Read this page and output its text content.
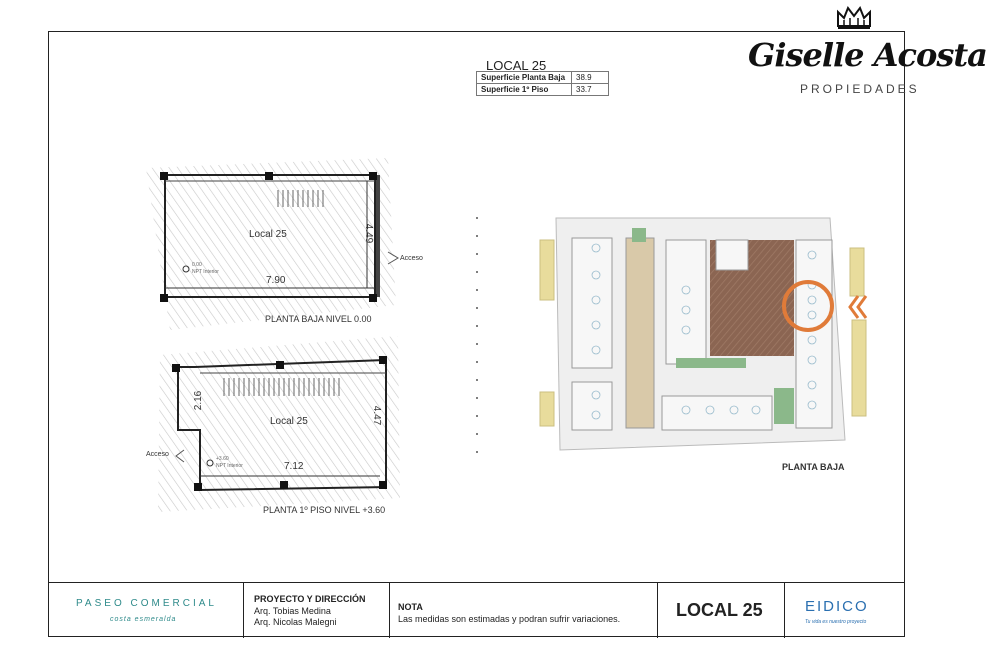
Giselle Acosta
PROPIEDADES
LOCAL 25
Superficie Planta Baja	38.9
Superficie 1º Piso	33.7
Local 25
7.90
4.49
Acceso
0.00
NPT Interior
PLANTA BAJA NIVEL 0.00
Local 25
7.12
4.47
2.16
Acceso
+3.60
NPT Interior
PLANTA 1º PISO NIVEL +3.60
PLANTA BAJA
PASEO COMERCIAL
costa esmeralda
PROYECTO Y DIRECCIÓN
Arq. Tobias Medina
Arq. Nicolas Malegni
NOTA
Las medidas son estimadas y podran sufrir variaciones.	LOCAL 25	EIDICO
Tu vida es nuestro proyecto
